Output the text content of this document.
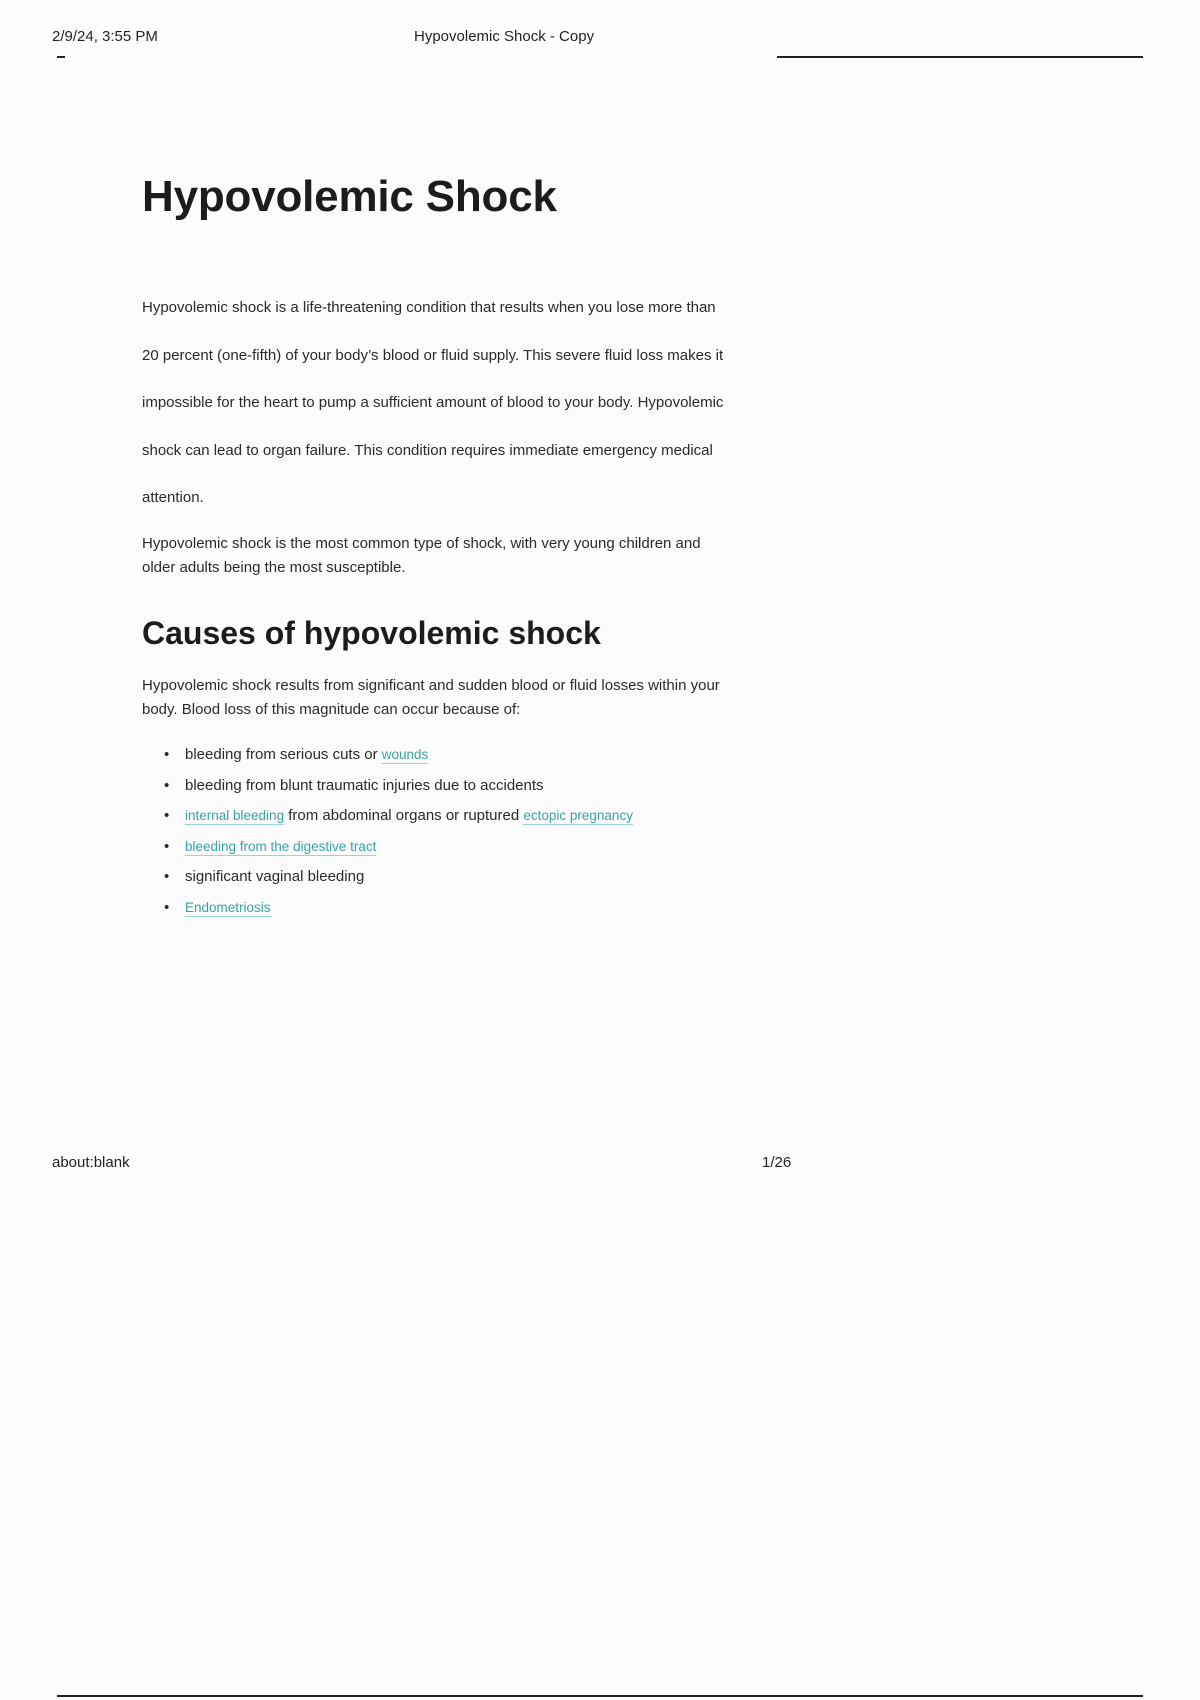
2/9/24, 3:55 PM	Hypovolemic Shock - Copy
Hypovolemic Shock

Hypovolemic shock is a life-threatening condition that results when you lose more than 20 percent (one-fifth) of your body’s blood or fluid supply. This severe fluid loss makes it impossible for the heart to pump a sufficient amount of blood to your body. Hypovolemic shock can lead to organ failure. This condition requires immediate emergency medical attention.

Hypovolemic shock is the most common type of shock, with very young children and older adults being the most susceptible.

Causes of hypovolemic shock

Hypovolemic shock results from significant and sudden blood or fluid losses within your body. Blood loss of this magnitude can occur because of:

• bleeding from serious cuts or wounds
• bleeding from blunt traumatic injuries due to accidents
• internal bleeding from abdominal organs or ruptured ectopic pregnancy
• bleeding from the digestive tract
• significant vaginal bleeding
• Endometriosis
about:blank	1/26
